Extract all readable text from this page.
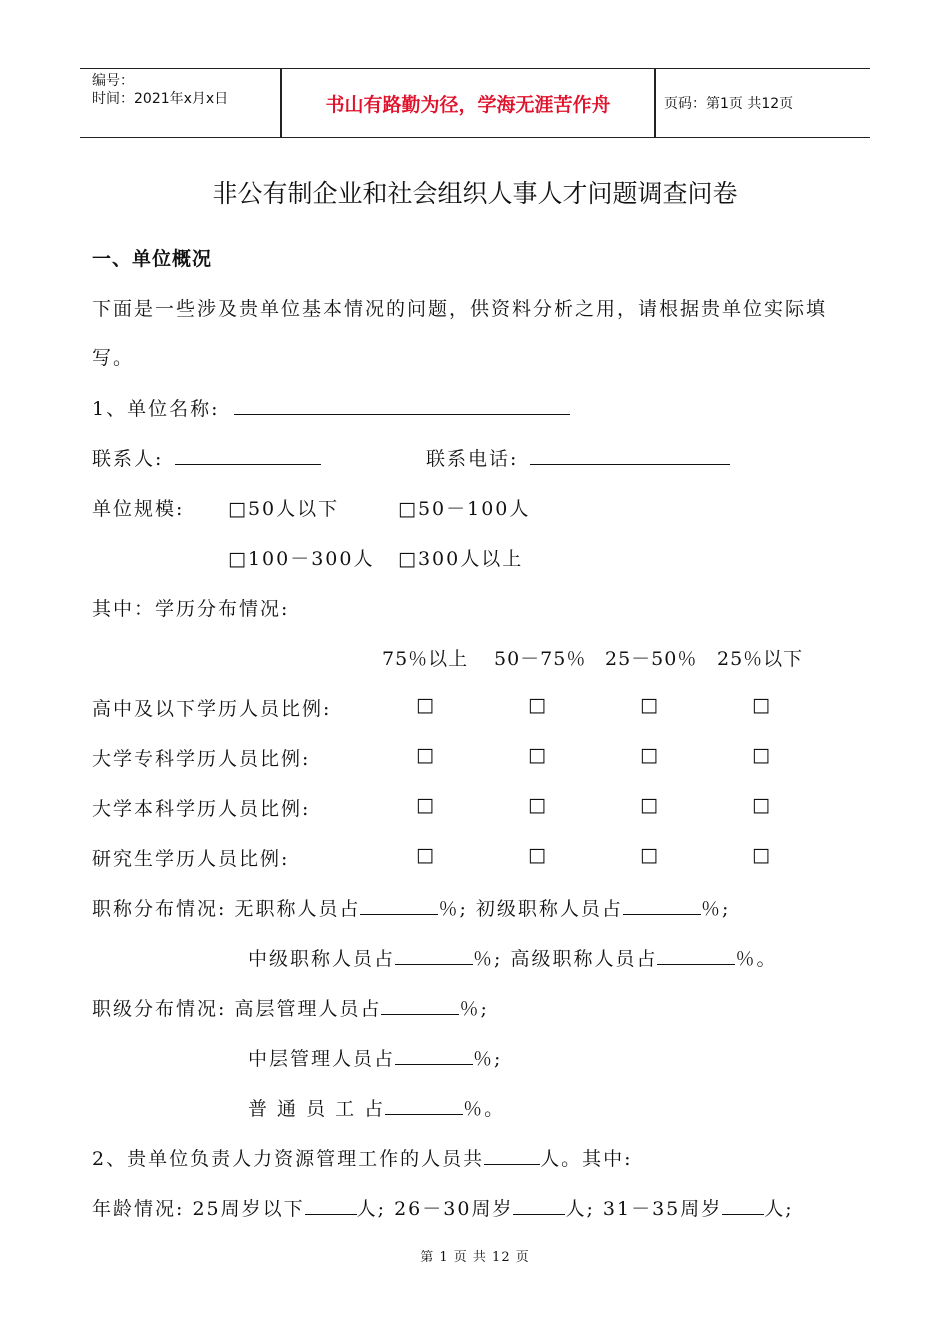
编号：
时间：2021年x月x日	书山有路勤为径，学海无涯苦作舟	页码：第1页 共12页
非公有制企业和社会组织人事人才问题调查问卷
一、单位概况
下面是一些涉及贵单位基本情况的问题，供资料分析之用，请根据贵单位实际填
写。
1、单位名称:
联系人:	联系电话:
单位规模: □50人以下	□50－100人
□100－300人 □300人以上
其中：学历分布情况:
75％以上 50－75％ 25－50％ 25％以下
高中及以下学历人员比例:	□	□	□	□
大学专科学历人员比例:	□	□	□	□
大学本科学历人员比例:	□	□	□	□
研究生学历人员比例:	□	□	□	□
职称分布情况: 无职称人员占	％; 初级职称人员占	％;
中级职称人员占	％; 高级职称人员占	％。
职级分布情况: 高层管理人员占	％;
中层管理人员占	％;
普 通 员 工 占	％。
2、贵单位负责人力资源管理工作的人员共	人。其中:
年龄情况: 25周岁以下	人; 26－30周岁	人; 31－35周岁 人;
第 1 页 共 12 页
